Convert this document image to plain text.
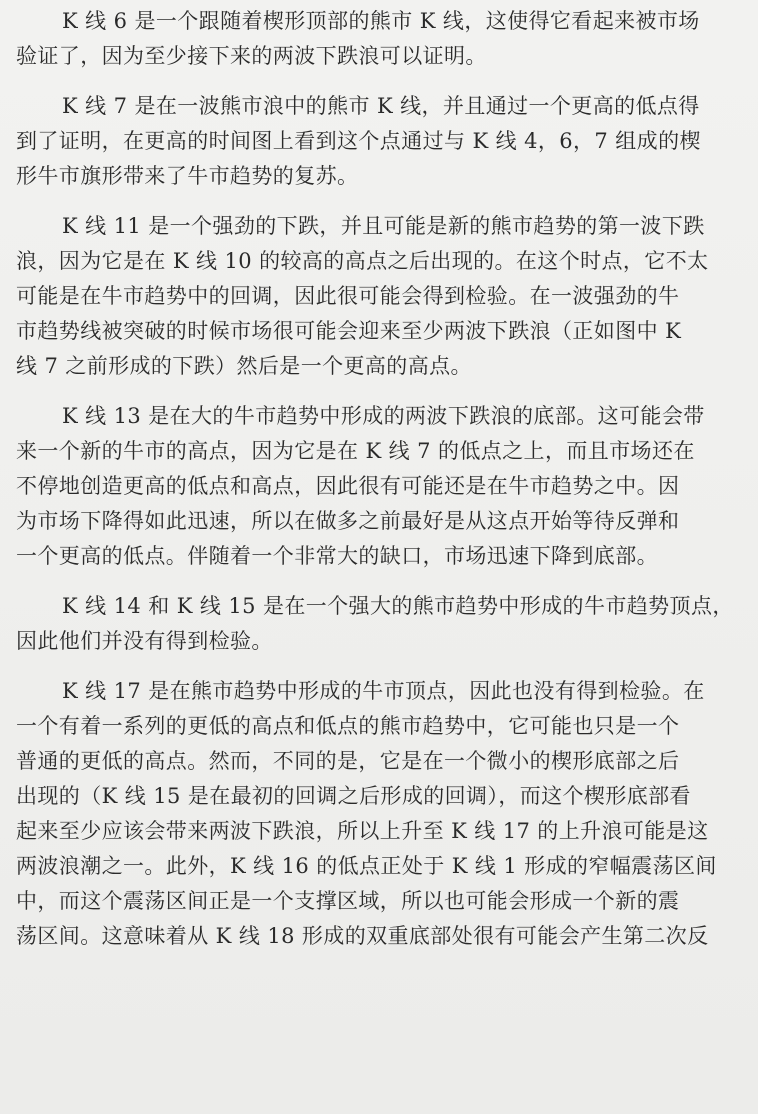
K 线 6 是一个跟随着楔形顶部的熊市 K 线，这使得它看起来被市场
验证了，因为至少接下来的两波下跌浪可以证明。

K 线 7 是在一波熊市浪中的熊市 K 线，并且通过一个更高的低点得
到了证明，在更高的时间图上看到这个点通过与 K 线 4，6，7 组成的楔
形牛市旗形带来了牛市趋势的复苏。

K 线 11 是一个强劲的下跌，并且可能是新的熊市趋势的第一波下跌
浪，因为它是在 K 线 10 的较高的高点之后出现的。在这个时点，它不太
可能是在牛市趋势中的回调，因此很可能会得到检验。在一波强劲的牛
市趋势线被突破的时候市场很可能会迎来至少两波下跌浪（正如图中 K
线 7 之前形成的下跌）然后是一个更高的高点。

K 线 13 是在大的牛市趋势中形成的两波下跌浪的底部。这可能会带
来一个新的牛市的高点，因为它是在 K 线 7 的低点之上，而且市场还在
不停地创造更高的低点和高点，因此很有可能还是在牛市趋势之中。因
为市场下降得如此迅速，所以在做多之前最好是从这点开始等待反弹和
一个更高的低点。伴随着一个非常大的缺口，市场迅速下降到底部。

K 线 14 和 K 线 15 是在一个强大的熊市趋势中形成的牛市趋势顶点，
因此他们并没有得到检验。

K 线 17 是在熊市趋势中形成的牛市顶点，因此也没有得到检验。在
一个有着一系列的更低的高点和低点的熊市趋势中，它可能也只是一个
普通的更低的高点。然而，不同的是，它是在一个微小的楔形底部之后
出现的（K 线 15 是在最初的回调之后形成的回调），而这个楔形底部看
起来至少应该会带来两波下跌浪，所以上升至 K 线 17 的上升浪可能是这
两波浪潮之一。此外，K 线 16 的低点正处于 K 线 1 形成的窄幅震荡区间
中，而这个震荡区间正是一个支撑区域，所以也可能会形成一个新的震
荡区间。这意味着从 K 线 18 形成的双重底部处很有可能会产生第二次反
